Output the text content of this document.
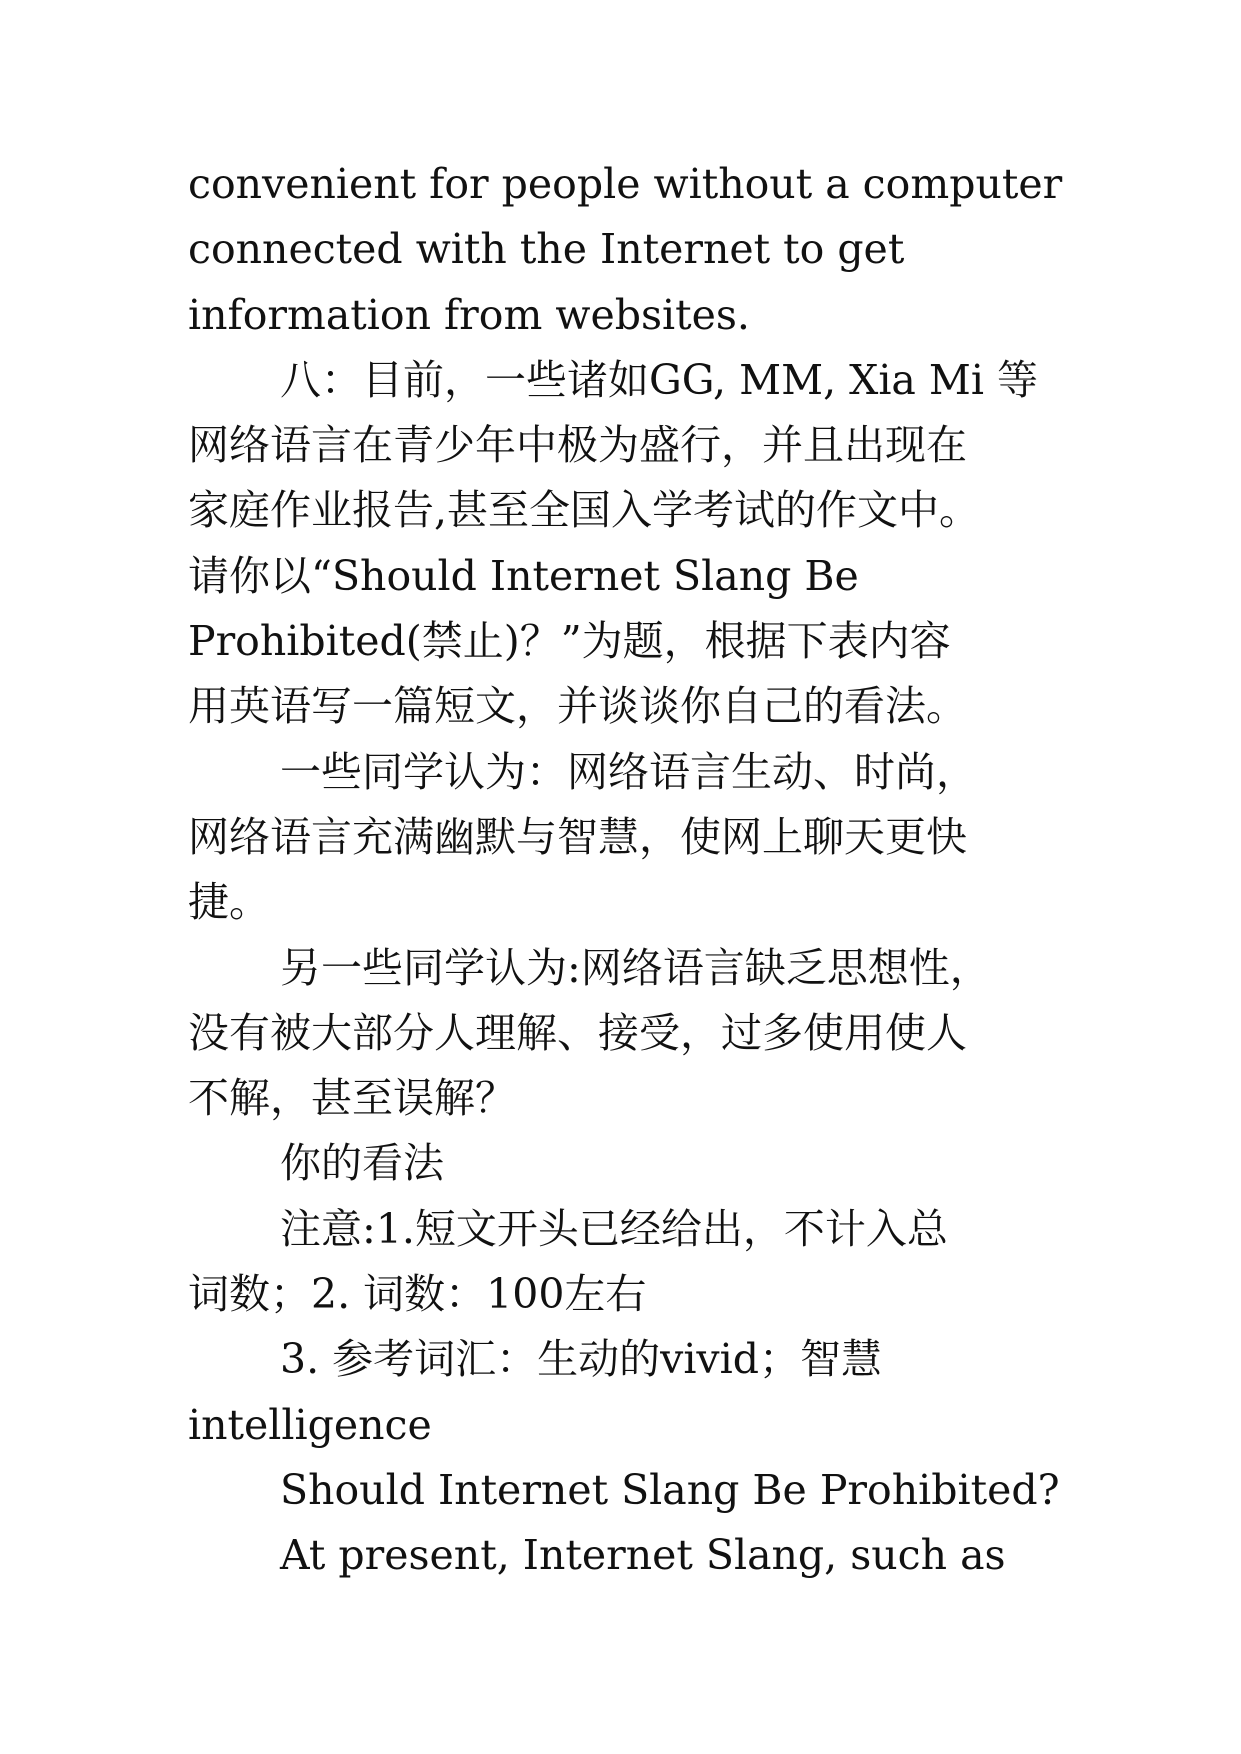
convenient for people without a computer
connected with the Internet to get
information from websites.
八：目前，一些诸如GG, MM, Xia Mi 等
网络语言在青少年中极为盛行，并且出现在
家庭作业报告,甚至全国入学考试的作文中。
请你以“Should Internet Slang Be
Prohibited(禁止)？”为题，根据下表内容
用英语写一篇短文，并谈谈你自己的看法。
一些同学认为：网络语言生动、时尚，
网络语言充满幽默与智慧，使网上聊天更快
捷。
另一些同学认为:网络语言缺乏思想性，
没有被大部分人理解、接受，过多使用使人
不解，甚至误解？
你的看法
注意:1.短文开头已经给出，不计入总
词数；2. 词数：100左右
3. 参考词汇：生动的vivid；智慧
intelligence
Should Internet Slang Be Prohibited?
At present, Internet Slang, such as
